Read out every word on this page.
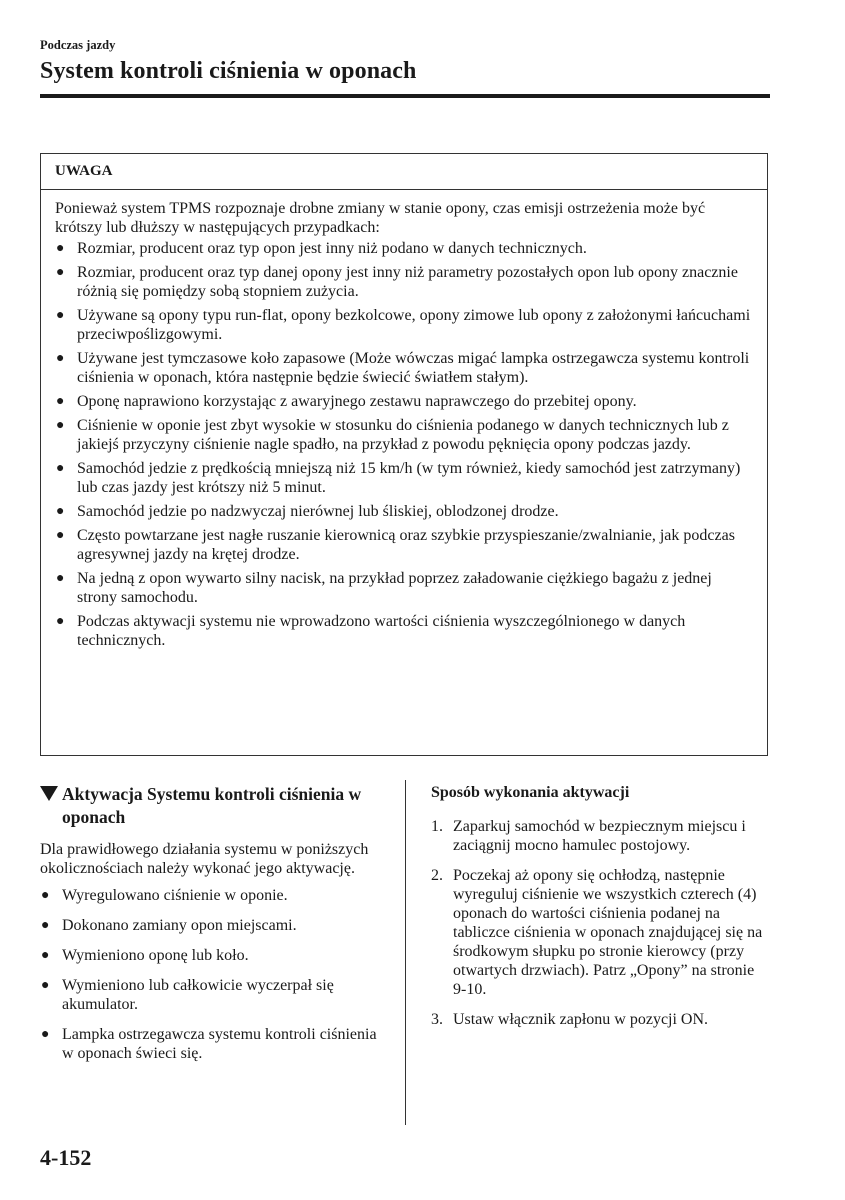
Podczas jazdy
System kontroli ciśnienia w oponach
UWAGA

Ponieważ system TPMS rozpoznaje drobne zmiany w stanie opony, czas emisji ostrzeżenia może być krótszy lub dłuższy w następujących przypadkach:

● Rozmiar, producent oraz typ opon jest inny niż podano w danych technicznych.
● Rozmiar, producent oraz typ danej opony jest inny niż parametry pozostałych opon lub opony znacznie różnią się pomiędzy sobą stopniem zużycia.
● Używane są opony typu run-flat, opony bezkolcowe, opony zimowe lub opony z założonymi łańcuchami przeciwpoślizgowymi.
● Używane jest tymczasowe koło zapasowe (Może wówczas migać lampka ostrzegawcza systemu kontroli ciśnienia w oponach, która następnie będzie świecić światłem stałym).
● Oponę naprawiono korzystając z awaryjnego zestawu naprawczego do przebitej opony.
● Ciśnienie w oponie jest zbyt wysokie w stosunku do ciśnienia podanego w danych technicznych lub z jakiejś przyczyny ciśnienie nagle spadło, na przykład z powodu pęknięcia opony podczas jazdy.
● Samochód jedzie z prędkością mniejszą niż 15 km/h (w tym również, kiedy samochód jest zatrzymany) lub czas jazdy jest krótszy niż 5 minut.
● Samochód jedzie po nadzwyczaj nierównej lub śliskiej, oblodzonej drodze.
● Często powtarzane jest nagłe ruszanie kierownicą oraz szybkie przyspieszanie/zwalnianie, jak podczas agresywnej jazdy na krętej drodze.
● Na jedną z opon wywarto silny nacisk, na przykład poprzez załadowanie ciężkiego bagażu z jednej strony samochodu.
● Podczas aktywacji systemu nie wprowadzono wartości ciśnienia wyszczególnionego w danych technicznych.
Aktywacja Systemu kontroli ciśnienia w oponach

Dla prawidłowego działania systemu w poniższych okolicznościach należy wykonać jego aktywację.

● Wyregulowano ciśnienie w oponie.
● Dokonano zamiany opon miejscami.
● Wymieniono oponę lub koło.
● Wymieniono lub całkowicie wyczerpał się akumulator.
● Lampka ostrzegawcza systemu kontroli ciśnienia w oponach świeci się.
Sposób wykonania aktywacji
1. Zaparkuj samochód w bezpiecznym miejscu i zaciągnij mocno hamulec postojowy.
2. Poczekaj aż opony się ochłodzą, następnie wyreguluj ciśnienie we wszystkich czterech (4) oponach do wartości ciśnienia podanej na tabliczce ciśnienia w oponach znajdującej się na środkowym słupku po stronie kierowcy (przy otwartych drzwiach). Patrz „Opony” na stronie 9-10.
3. Ustaw włącznik zapłonu w pozycji ON.
4-152
